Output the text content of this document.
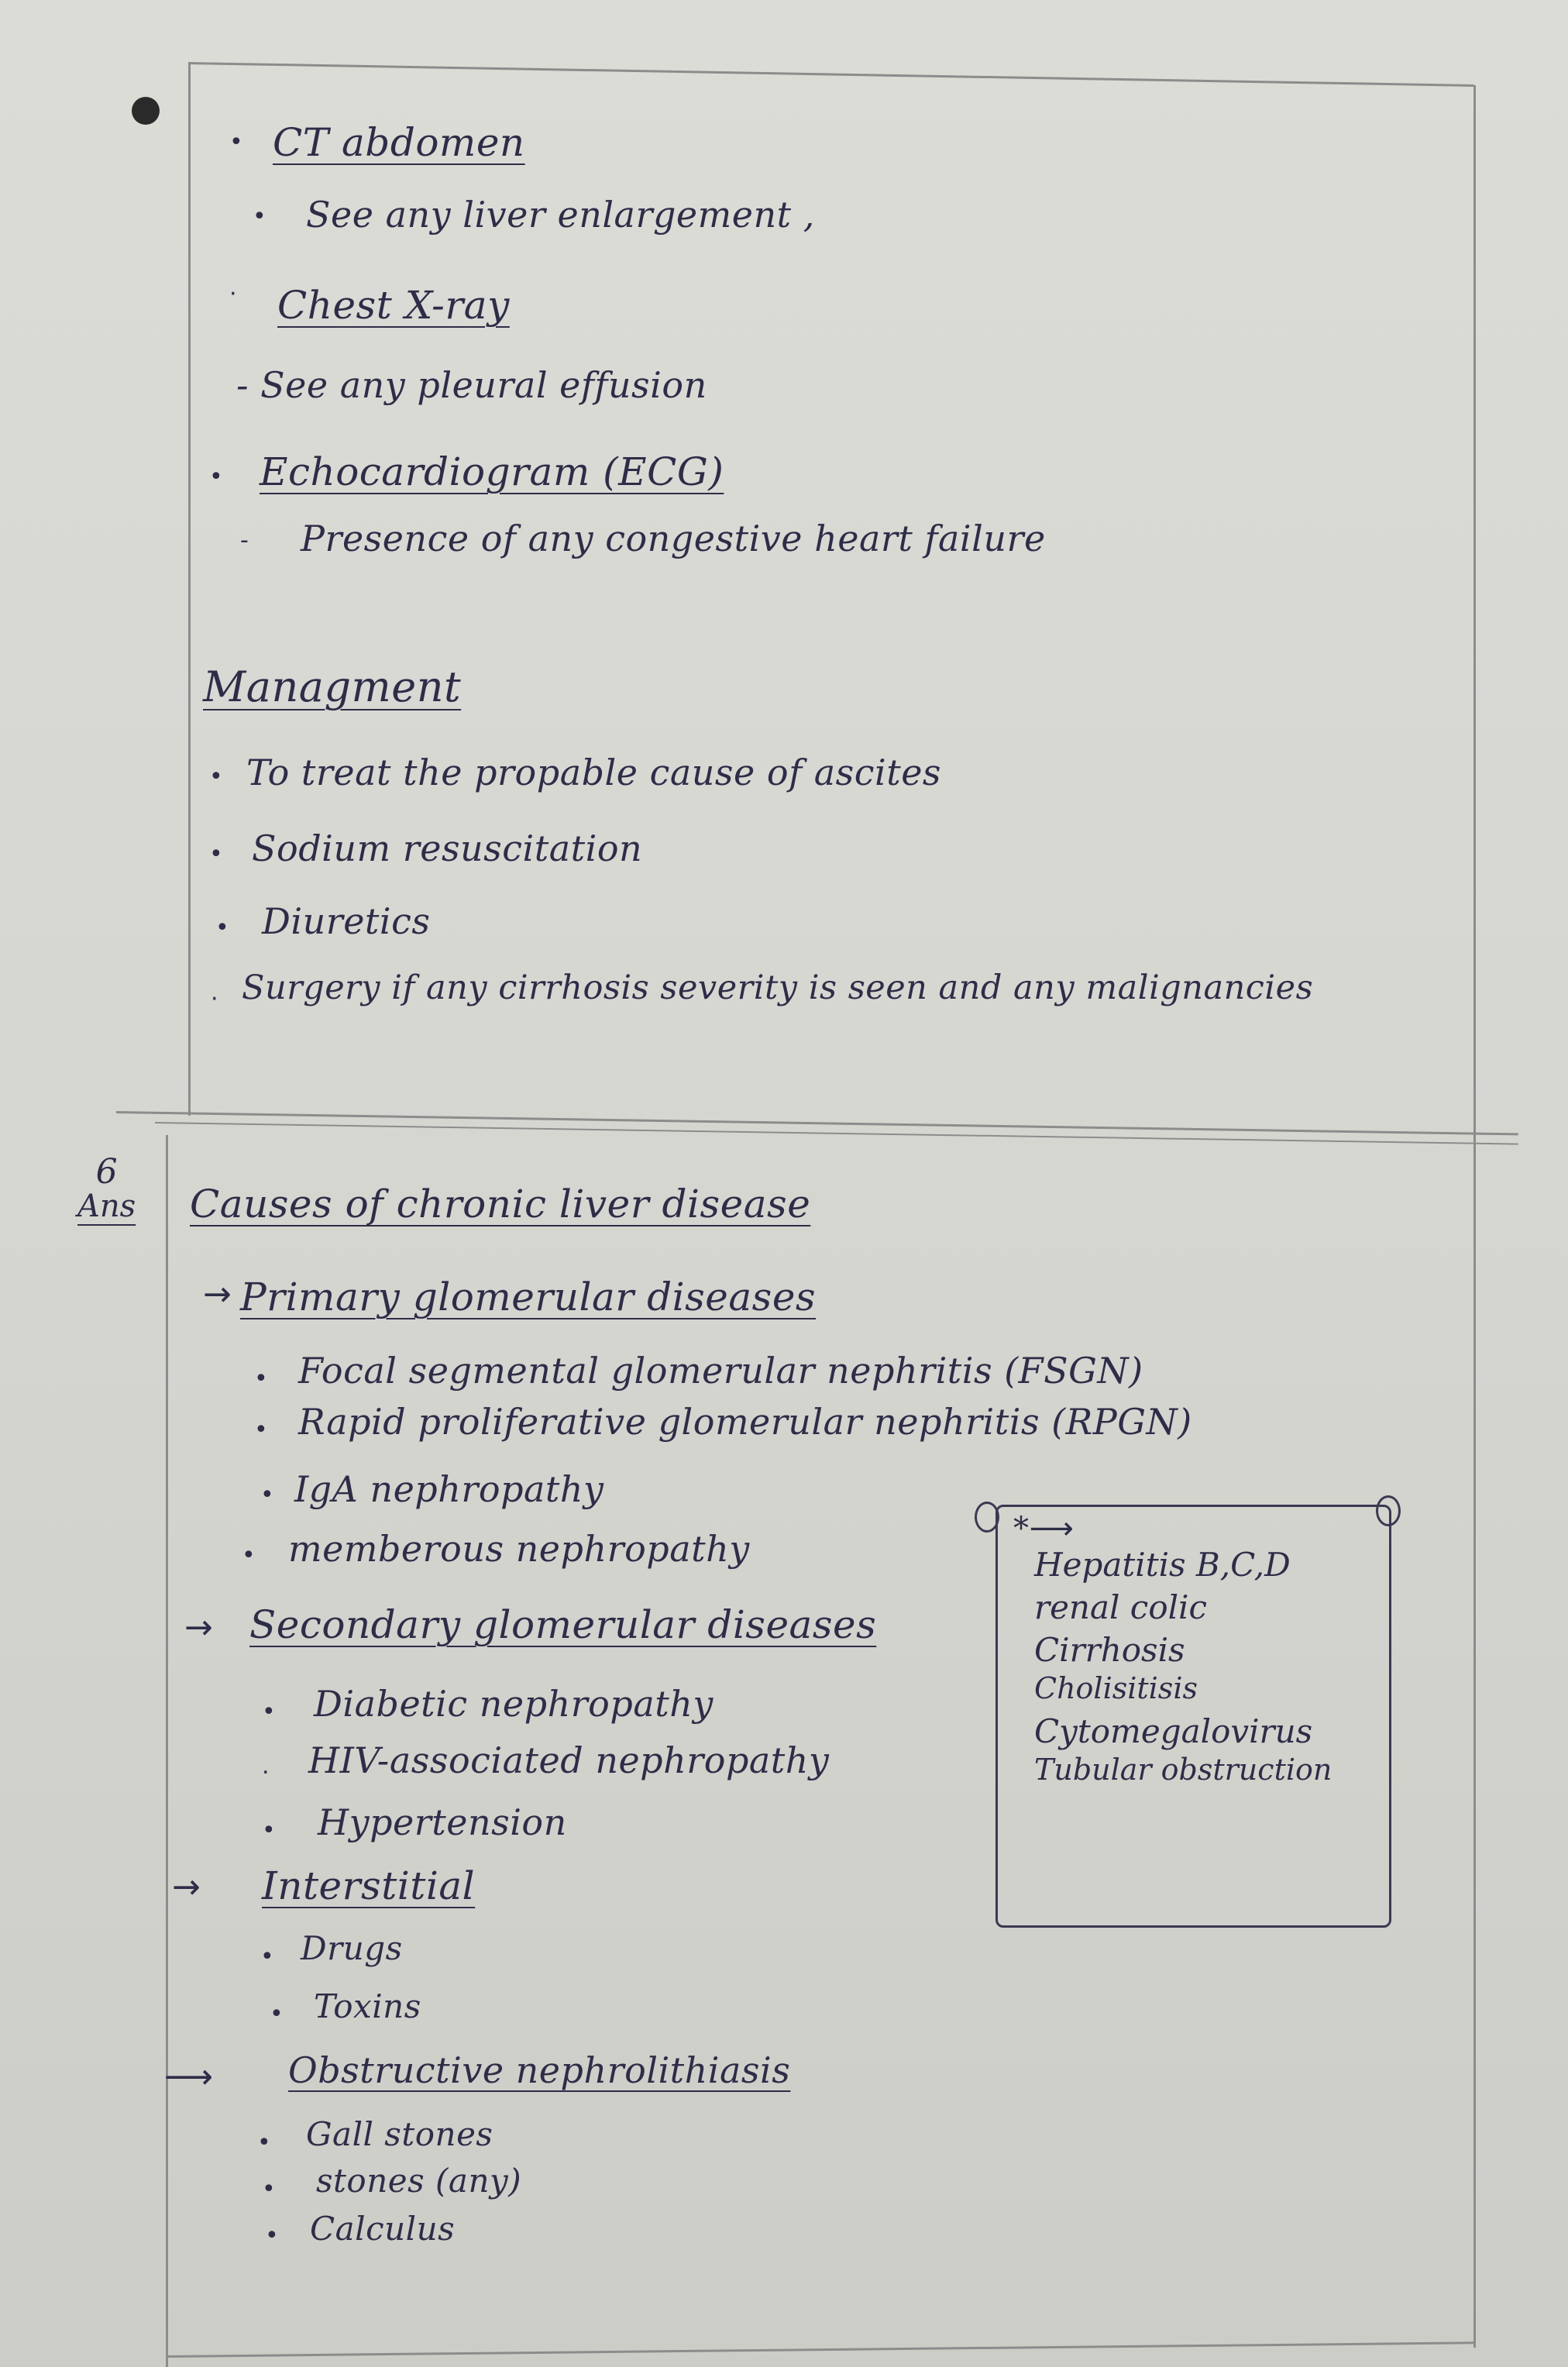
• CT abdomen
• See any liver enlargement ,
· Chest X-ray
- See any pleural effusion
• Echocardiogram (ECG)
- Presence of any congestive heart failure
Managment
• To treat the propable cause of ascites
• Sodium resuscitation
• Diuretics
· Surgery if any cirrhosis severity is seen and any malignancies
6
Ans Causes of chronic liver disease
→ Primary glomerular diseases
• Focal segmental glomerular nephritis (FSGN)
• Rapid proliferative glomerular nephritis (RPGN)
• IgA nephropathy
• memberous nephropathy
→ Secondary glomerular diseases
• Diabetic nephropathy
. HIV-associated nephropathy
• Hypertension
→ Interstitial
• Drugs
• Toxins
⟶ Obstructive nephrolithiasis
• Gall stones
• stones (any)
• Calculus
*⟶
Hepatitis B,C,D
renal colic
Cirrhosis
Cholisitisis
Cytomegalovirus
Tubular obstruction
